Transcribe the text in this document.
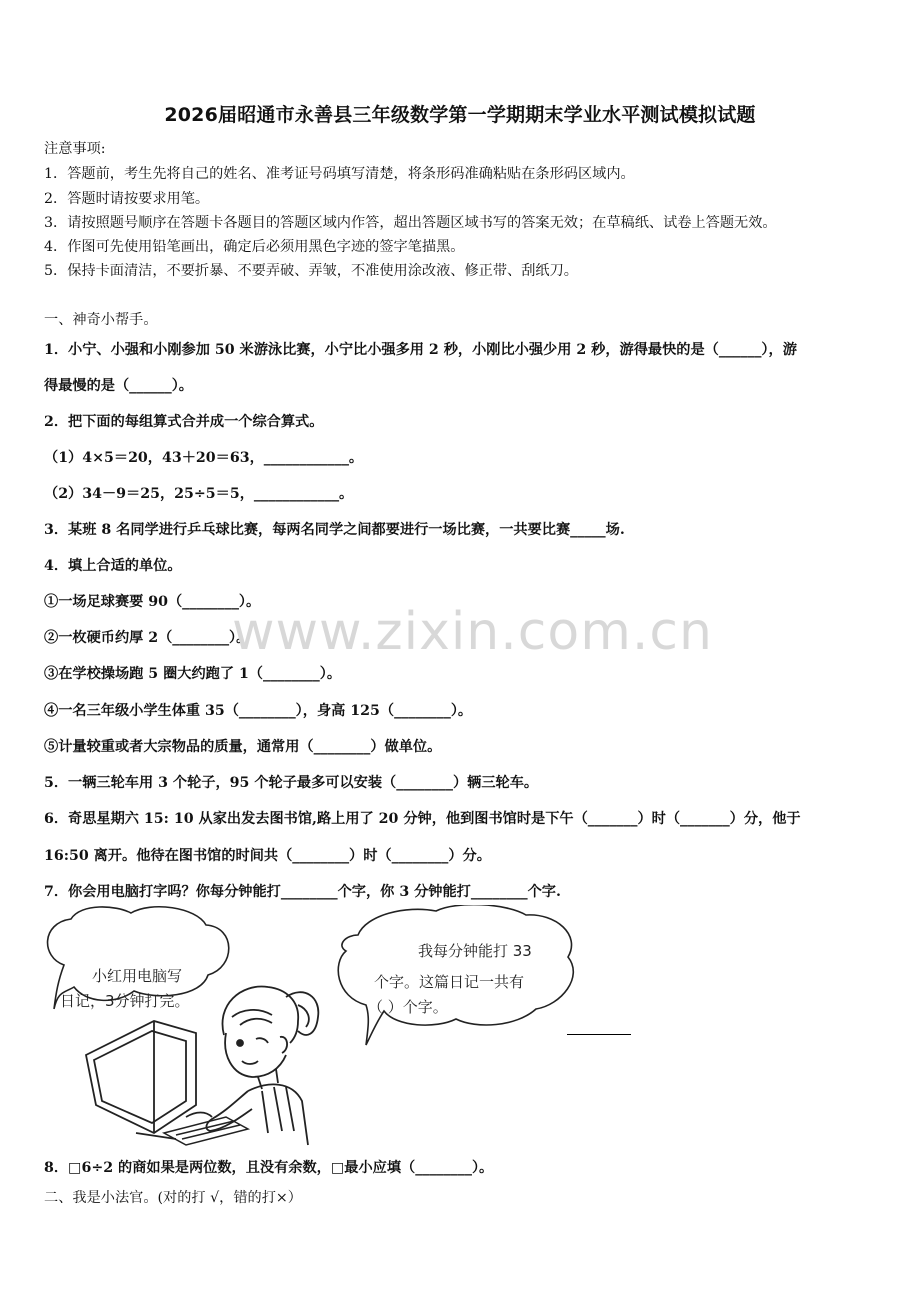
2026届昭通市永善县三年级数学第一学期期末学业水平测试模拟试题
注意事项:
1．答题前，考生先将自己的姓名、准考证号码填写清楚，将条形码准确粘贴在条形码区域内。
2．答题时请按要求用笔。
3．请按照题号顺序在答题卡各题目的答题区域内作答，超出答题区域书写的答案无效；在草稿纸、试卷上答题无效。
4．作图可先使用铅笔画出，确定后必须用黑色字迹的签字笔描黑。
5．保持卡面清洁，不要折暴、不要弄破、弄皱，不准使用涂改液、修正带、刮纸刀。
一、神奇小帮手。
1．小宁、小强和小刚参加 50 米游泳比赛，小宁比小强多用 2 秒，小刚比小强少用 2 秒，游得最快的是（______），游
得最慢的是（______）。
2．把下面的每组算式合并成一个综合算式。
（1）4×5＝20，43＋20＝63，____________。
（2）34－9＝25，25÷5＝5，____________。
3．某班 8 名同学进行乒乓球比赛，每两名同学之间都要进行一场比赛，一共要比赛_____场.
4．填上合适的单位。
①一场足球赛要 90（________）。
②一枚硬币约厚 2（________）。
③在学校操场跑 5 圈大约跑了 1（________）。
④一名三年级小学生体重 35（________），身高 125（________）。
⑤计量较重或者大宗物品的质量，通常用（________）做单位。
5．一辆三轮车用 3 个轮子，95 个轮子最多可以安装（________）辆三轮车。
6．奇思星期六 15: 10 从家出发去图书馆,路上用了 20 分钟，他到图书馆时是下午（_______）时（_______）分，他于
16:50 离开。他待在图书馆的时间共（________）时（________）分。
7．你会用电脑打字吗？你每分钟能打________个字，你 3 分钟能打________个字.
www.zixin.com.cn
小红用电脑写
日记，3分钟打完。
我每分钟能打 33
个字。这篇日记一共有
（ ）个字。
8．□6÷2 的商如果是两位数，且没有余数，□最小应填（________）。
二、我是小法官。(对的打 √，错的打×）
